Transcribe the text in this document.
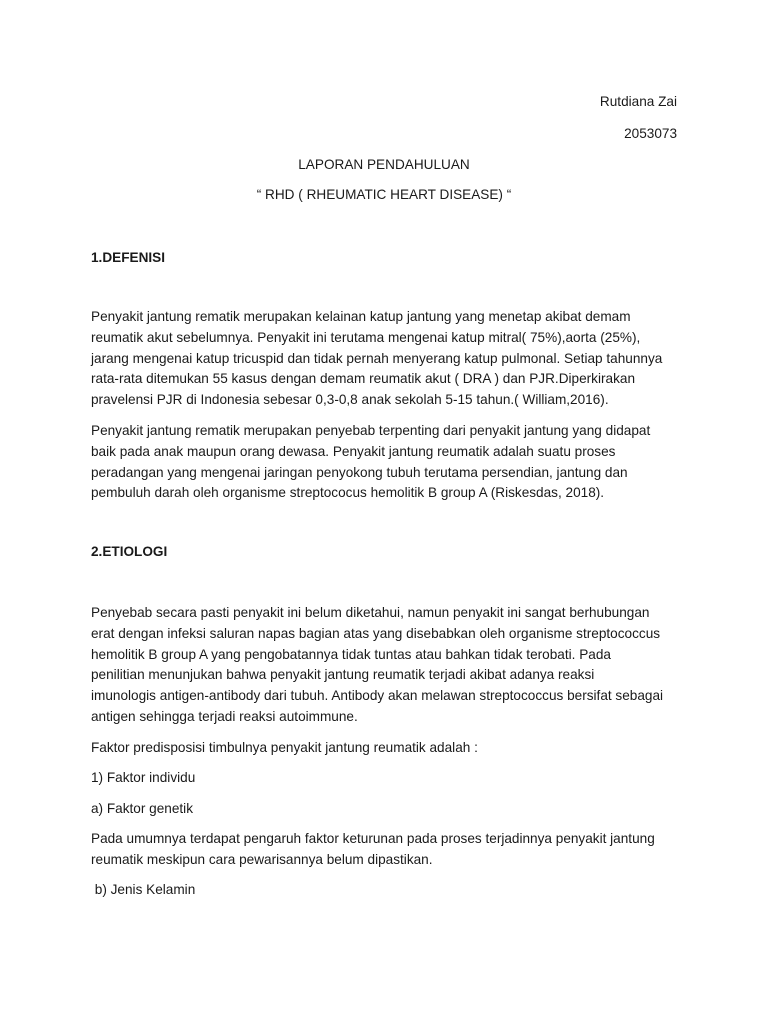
Rutdiana Zai

2053073

LAPORAN PENDAHULUAN

“ RHD ( RHEUMATIC HEART DISEASE) “

1.DEFENISI

Penyakit jantung rematik merupakan kelainan katup jantung yang menetap akibat demam
reumatik akut sebelumnya. Penyakit ini terutama mengenai katup mitral( 75%),aorta (25%),
jarang mengenai katup tricuspid dan tidak pernah menyerang katup pulmonal. Setiap tahunnya
rata-rata ditemukan 55 kasus dengan demam reumatik akut ( DRA ) dan PJR.Diperkirakan
pravelensi PJR di Indonesia sebesar 0,3-0,8 anak sekolah 5-15 tahun.( William,2016).
Penyakit jantung rematik merupakan penyebab terpenting dari penyakit jantung yang didapat
baik pada anak maupun orang dewasa. Penyakit jantung reumatik adalah suatu proses
peradangan yang mengenai jaringan penyokong tubuh terutama persendian, jantung dan
pembuluh darah oleh organisme streptococus hemolitik B group A (Riskesdas, 2018).

2.ETIOLOGI

Penyebab secara pasti penyakit ini belum diketahui, namun penyakit ini sangat berhubungan
erat dengan infeksi saluran napas bagian atas yang disebabkan oleh organisme streptococcus
hemolitik B group A yang pengobatannya tidak tuntas atau bahkan tidak terobati. Pada
penilitian menunjukan bahwa penyakit jantung reumatik terjadi akibat adanya reaksi
imunologis antigen-antibody dari tubuh. Antibody akan melawan streptococcus bersifat sebagai
antigen sehingga terjadi reaksi autoimmune.

Faktor predisposisi timbulnya penyakit jantung reumatik adalah :

1) Faktor individu

a) Faktor genetik

Pada umumnya terdapat pengaruh faktor keturunan pada proses terjadinnya penyakit jantung
reumatik meskipun cara pewarisannya belum dipastikan.

b) Jenis Kelamin
